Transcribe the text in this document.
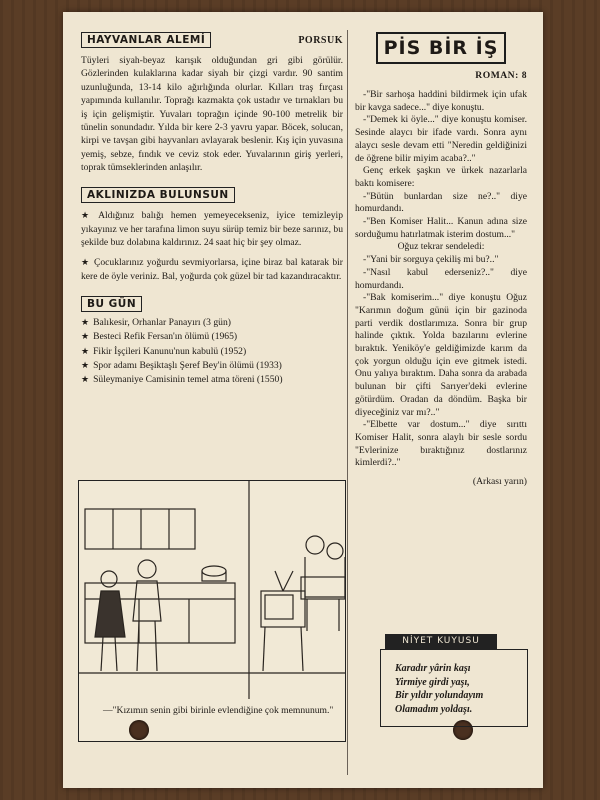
HAYVANLAR ALEMİ	PORSUK

Tüyleri siyah-beyaz karışık olduğundan gri gibi görülür. Gözlerinden kulaklarına kadar siyah bir çizgi vardır. 90 santim uzunluğunda, 13-14 kilo ağırlığında olurlar. Kılları traş fırçası yapımında kullanılır. Toprağı kazmakta çok ustadır ve tırnakları bu iş için gelişmiştir. Yuvaları toprağın içinde 90-100 metrelik bir tünelin sonundadır. Yılda bir kere 2-3 yavru yapar. Böcek, solucan, kirpi ve tavşan gibi hayvanları avlayarak beslenir. Kış için yuvasına yemiş, sebze, fındık ve ceviz stok eder. Yuvalarının giriş yerleri, toprak tümseklerinden anlaşılır.

AKLINIZDA BULUNSUN
★ Aldığınız balığı hemen yemeyecekseniz, iyice temizleyip yıkayınız ve her tarafına limon suyu sürüp temiz bir beze sarınız, bu şekilde buz dolabına kaldırınız. 24 saat hiç bir şey olmaz.
★ Çocuklarınız yoğurdu sevmiyorlarsa, içine biraz bal katarak bir kere de öyle veriniz. Bal, yoğurda çok güzel bir tad kazandıracaktır.
BU GÜN
★ Balıkesir, Orhanlar Panayırı (3 gün)
★ Besteci Refik Fersan'ın ölümü (1965)
★ Fikir İşçileri Kanunu'nun kabulü (1952)
★ Spor adamı Beşiktaşlı Şeref Bey'in ölümü (1933)
★ Süleymaniye Camisinin temel atma töreni (1550)
—"Kızımın senin gibi birinle evlendiğine çok memnunum."
PİS BİR İŞ
ROMAN: 8

-"Bir sarhoşa haddini bildirmek için ufak bir kavga sadece..." diye konuştu.

-"Demek ki öyle..." diye konuştu komiser. Sesinde alaycı bir ifade vardı. Sonra aynı alaycı sesle devam etti "Neredin geldiğinizi de öğrene bilir miyim acaba?.."

Genç erkek şaşkın ve ürkek nazarlarla baktı komisere:

-"Bütün bunlardan size ne?.." diye homurdandı.

-"Ben Komiser Halit... Kanun adına size sorduğumu hatırlatmak isterim dostum..."

Oğuz tekrar sendeledi:

-"Yani bir sorguya çekiliş mi bu?.."

-"Nasıl kabul ederseniz?.." diye homurdandı.

-"Bak komiserim..." diye konuştu Oğuz "Karımın doğum günü için bir gazinoda parti verdik dostlarımıza. Sonra bir grup halinde çıktık. Yolda bazılarını evlerine bıraktık. Yeniköy'e geldiğimizde karım da çok yorgun olduğu için eve gitmek istedi. Onu yalıya bıraktım. Daha sonra da arabada bulunan bir çifti Sarıyer'deki evlerine götürdüm. Oradan da döndüm. Başka bir diyeceğiniz var mı?.."

-"Elbette var dostum..." diye sırıttı Komiser Halit, sonra alaylı bir sesle sordu "Evlerinize bıraktığınız dostlarınız kimlerdi?.."

(Arkası yarın)
NİYET KUYUSU
Karadır yârin kaşı
Yirmiye girdi yaşı,
Bir yıldır yolundayım
Olamadım yoldaşı.
